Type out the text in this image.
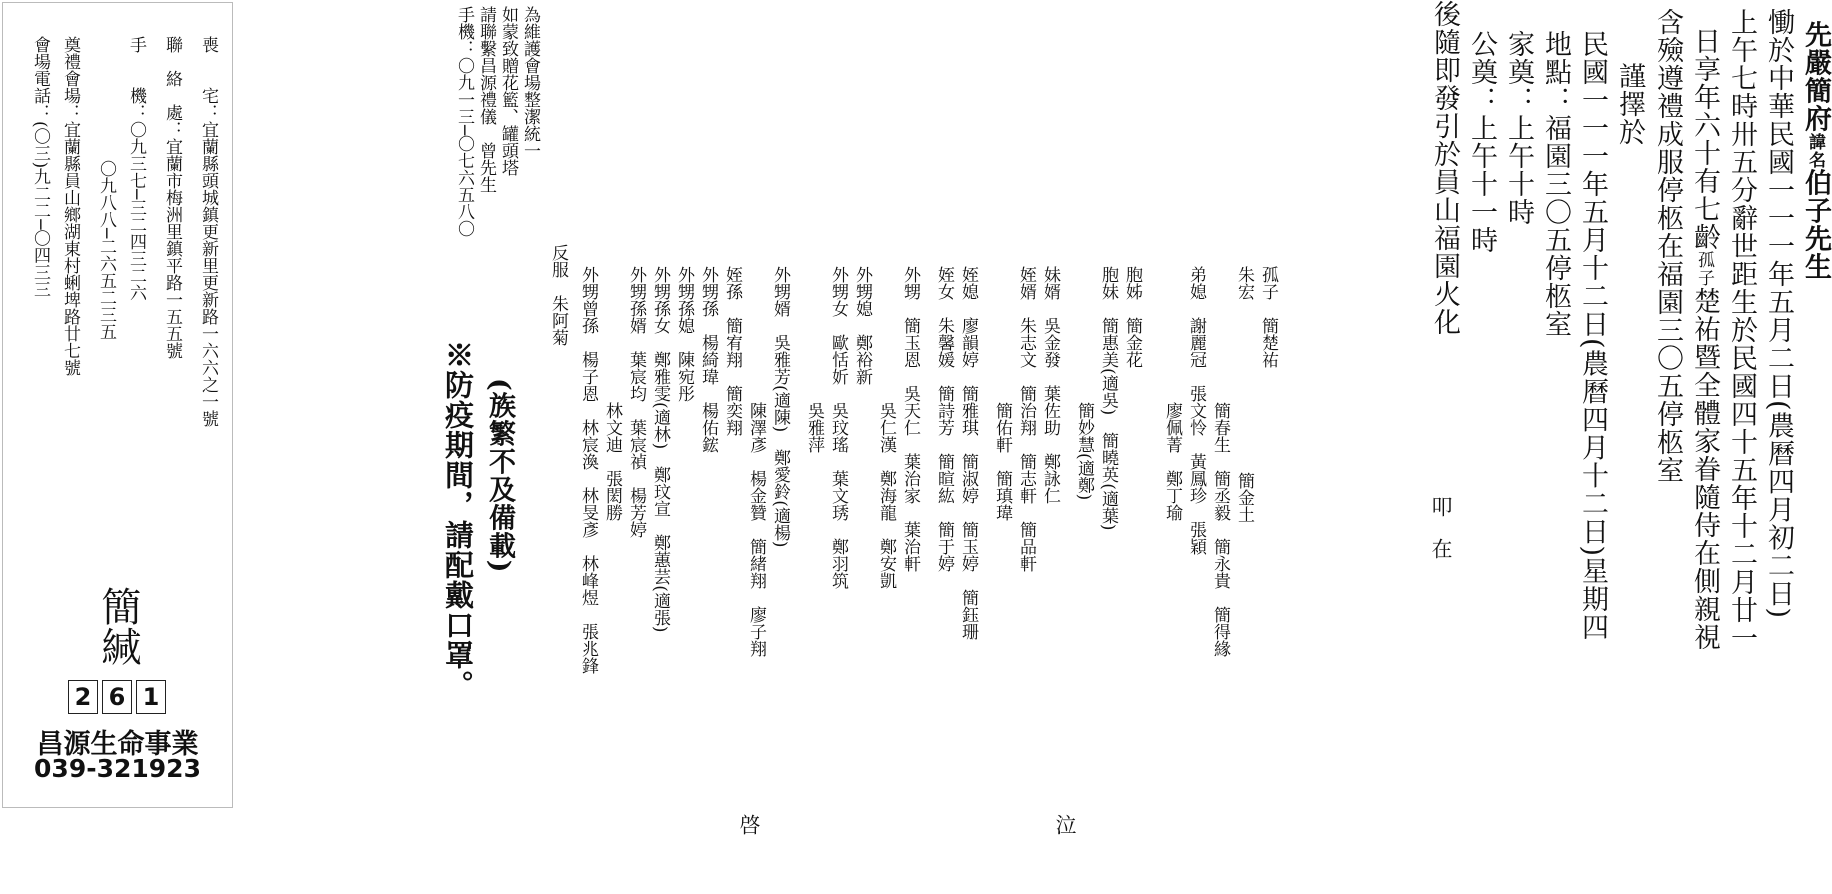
先嚴簡府諱名伯子先生

慟於中華民國一一一年五月二日(農曆四月初二日)
上午七時卅五分辭世距生於民國四十五年十二月廿一

日享年六十有七齡孤子楚祐暨全體家眷隨侍在側親視

含殮遵禮成服停柩在福園三〇五停柩室
謹擇於
民國一一一年五月十二日(農曆四月十二日)星期四
地點：福園三〇五停柩室
家奠：上午十時
公奠：上午十一時
後隨即發引於員山福園火化
叩　在
孤子　簡楚祐
朱宏
簡金土
簡春生　簡丞毅　簡永貴　簡得緣
弟媳　謝麗冠　張文怜　黃鳳珍　張穎
廖佩菁　鄭丁瑜
胞姊　簡金花
胞妹　簡惠美(適吳)　簡曉英(適葉)
簡妙慧(適鄭)
妹婿　吳金發　葉佐助　鄭詠仁
姪婿　朱志文　簡治翔　簡志軒　簡品軒
簡佑軒　簡瑱瑋
姪媳　廖韻婷　簡雅琪　簡淑婷　簡玉婷　簡鈺珊
姪女　朱馨媛　簡詩芳　簡暄紘　簡于婷
外甥　簡玉恩　吳天仁　葉治家　葉治軒
吳仁漢　鄭海龍　鄭安凱
外甥媳　鄭裕新
外甥女　歐恬妡　吳玟瑤　葉文琇　鄭羽筑
吳雅萍
外甥婿　吳雅芳(適陳)　鄭愛鈴(適楊)
陳澤彥　楊金贊　簡緒翔　廖子翔
姪孫　簡宥翔　簡奕翔
外甥孫　楊綺瑋　楊佑鋐
外甥孫媳　陳宛彤
外甥孫女　鄭雅雯(適林)　鄭玟宣　鄭蕙芸(適張)
外甥孫婿　葉宸均　葉宸禎　楊芳婷
林文迪　張閎勝
外甥曾孫　楊子恩　林宸渙　林旻彥　林峰煜　張兆鋒
反服　朱阿菊
泣
啓
(族繁不及備載)
※防疫期間，請配戴口罩。
為維護會場整潔統一
如蒙致贈花籃、罐頭塔
請聯繫昌源禮儀　曾先生
手機：〇九一三─〇七六五八〇
喪　　宅：宜蘭縣頭城鎮更新里更新路一六六之一號
聯　絡　處：宜蘭市梅洲里鎮平路一五五號
手　　機：〇九三七─三二四三二六
〇九八八─二六五二三五
奠禮會場：宜蘭縣員山鄉湖東村蜊埤路廿七號
會場電話：(〇三)九二二─〇四三三
簡緘
2 6 1
昌源生命事業
039-321923
